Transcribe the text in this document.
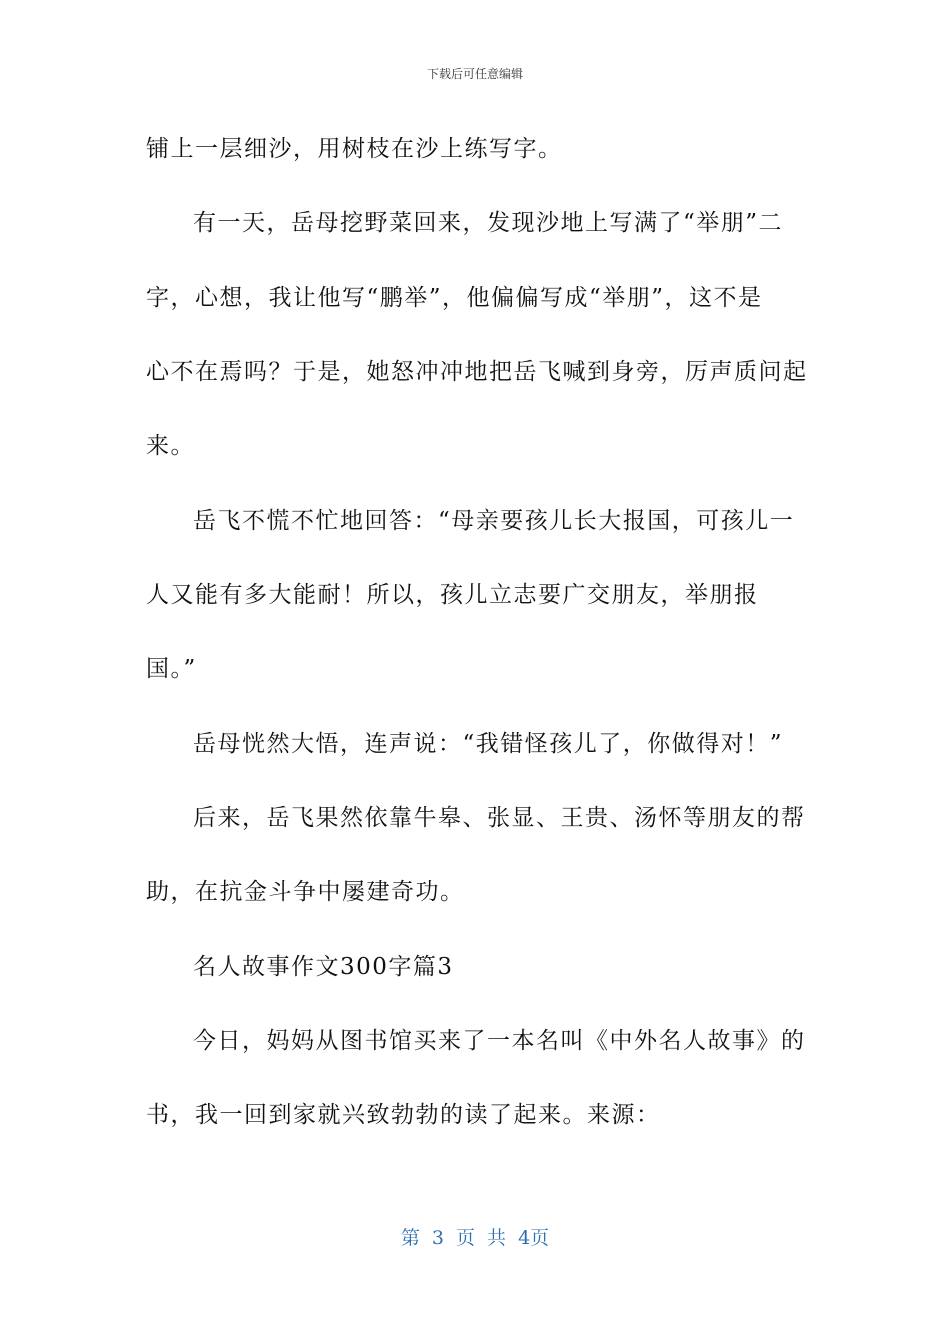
下载后可任意编辑
铺上一层细沙，用树枝在沙上练写字。
有一天，岳母挖野菜回来，发现沙地上写满了“举朋”二
字，心想，我让他写“鹏举”，他偏偏写成“举朋”，这不是
心不在焉吗？于是，她怒冲冲地把岳飞喊到身旁，厉声质问起
来。
岳飞不慌不忙地回答：“母亲要孩儿长大报国，可孩儿一
人又能有多大能耐！所以，孩儿立志要广交朋友，举朋报
国。”
岳母恍然大悟，连声说：“我错怪孩儿了，你做得对！”
后来，岳飞果然依靠牛皋、张显、王贵、汤怀等朋友的帮
助，在抗金斗争中屡建奇功。
名人故事作文300字篇3
今日，妈妈从图书馆买来了一本名叫《中外名人故事》的
书，我一回到家就兴致勃勃的读了起来。来源：
第 3 页 共 4页
